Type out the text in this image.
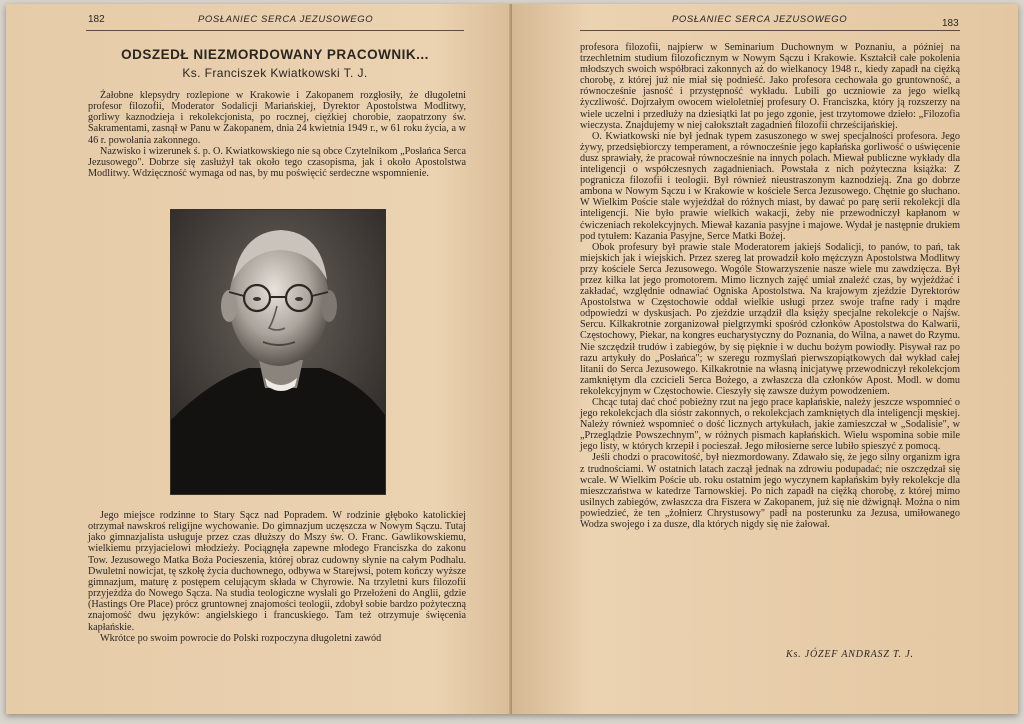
182	POSŁANIEC SERCA JEZUSOWEGO
ODSZEDŁ NIEZMORDOWANY PRACOWNIK...
Ks. Franciszek Kwiatkowski T. J.

Żałobne klepsydry rozlepione w Krakowie i Zakopanem rozgłosiły, że długoletni profesor filozofii, Moderator Sodalicji Mariańskiej, Dyrektor Apostolstwa Modlitwy, gorliwy kaznodzieja i rekolekcjonista, po rocznej, ciężkiej chorobie, zaopatrzony św. Sakramentami, zasnął w Panu w Zakopanem, dnia 24 kwietnia 1949 r., w 61 roku życia, a w 46 r. powołania zakonnego.

Nazwisko i wizerunek ś. p. O. Kwiatkowskiego nie są obce Czytelnikom „Posłańca Serca Jezusowego". Dobrze się zasłużył tak około tego czasopisma, jak i około Apostolstwa Modlitwy. Wdzięczność wymaga od nas, by mu poświęcić serdeczne wspomnienie.

Jego miejsce rodzinne to Stary Sącz nad Popradem. W rodzinie głęboko katolickiej otrzymał nawskroś religijne wychowanie. Do gimnazjum uczęszcza w Nowym Sączu. Tutaj jako gimnazjalista usługuje przez czas dłuższy do Mszy św. O. Franc. Gawlikowskiemu, wielkiemu przyjacielowi młodzieży. Pociągnęła zapewne młodego Franciszka do zakonu Tow. Jezusowego Matka Boża Pocieszenia, której obraz cudowny słynie na całym Podhalu. Dwuletni nowicjat, tę szkołę życia duchownego, odbywa w Starejwsi, potem kończy wyższe gimnazjum, maturę z postępem celującym składa w Chyrowie. Na trzyletni kurs filozofii przyjeżdża do Nowego Sącza. Na studia teologiczne wysłali go Przełożeni do Anglii, gdzie (Hastings Ore Place) prócz gruntownej znajomości teologii, zdobył sobie bardzo pożyteczną znajomość dwu języków: angielskiego i francuskiego. Tam też otrzymuje święcenia kapłańskie.

Wkrótce po swoim powrocie do Polski rozpoczyna długoletni zawód

POSŁANIEC SERCA JEZUSOWEGO	183

profesora filozofii, najpierw w Seminarium Duchownym w Poznaniu, a później na trzechletnim studium filozoficznym w Nowym Sączu i Krakowie. Kształcił całe pokolenia młodszych swoich współbraci zakonnych aż do wielkanocy 1948 r., kiedy zapadł na ciężką chorobę, z której już nie miał się podnieść. Jako profesora cechowała go gruntowność, a równocześnie jasność i przystępność wykładu. Lubili go uczniowie za jego wielką życzliwość. Dojrzałym owocem wieloletniej profesury O. Franciszka, który ją rozszerzy na wiele uczelni i przedłuży na dziesiątki lat po jego zgonie, jest trzytomowe dzieło: „Filozofia wieczysta. Znajdujemy w niej całokształt zagadnień filozofii chrześcijańskiej.

O. Kwiatkowski nie był jednak typem zasuszonego w swej specjalności profesora. Jego żywy, przedsiębiorczy temperament, a równocześnie jego kapłańska gorliwość o uświęcenie dusz sprawiały, że pracował równocześnie na innych polach. Miewał publiczne wykłady dla inteligencji o współczesnych zagadnieniach. Powstała z nich pożyteczna książka: Z pogranicza filozofii i teologii. Był również nieustraszonym kaznodzieją. Zna go dobrze ambona w Nowym Sączu i w Krakowie w kościele Serca Jezusowego. Chętnie go słuchano. W Wielkim Poście stale wyjeżdżał do różnych miast, by dawać po parę serii rekolekcji dla inteligencji. Nie było prawie wielkich wakacji, żeby nie przewodniczył kapłanom w ćwiczeniach rekolekcyjnych. Miewał kazania pasyjne i majowe. Wydał je następnie drukiem pod tytułem: Kazania Pasyjne, Serce Matki Bożej.

Obok profesury był prawie stale Moderatorem jakiejś Sodalicji, to panów, to pań, tak miejskich jak i wiejskich. Przez szereg lat prowadził koło mężczyzn Apostolstwa Modlitwy przy kościele Serca Jezusowego. Wogóle Stowarzyszenie nasze wiele mu zawdzięcza. Był przez kilka lat jego promotorem. Mimo licznych zajęć umiał znaleźć czas, by wyjeżdżać i zakładać, względnie odnawiać Ogniska Apostolstwa. Na krajowym zjeździe Dyrektorów Apostolstwa w Częstochowie oddał wielkie usługi przez swoje trafne rady i mądre odpowiedzi w dyskusjach. Po zjeździe urządził dla księży specjalne rekolekcje o Najśw. Sercu. Kilkakrotnie zorganizował pielgrzymki spośród członków Apostolstwa do Kalwarii, Częstochowy, Piekar, na kongres eucharystyczny do Poznania, do Wilna, a nawet do Rzymu. Nie szczędził trudów i zabiegów, by się pięknie i w duchu bożym powiodły. Pisywał raz po razu artykuły do „Posłańca"; w szeregu rozmyślań pierwszopiątkowych dał wykład całej litanii do Serca Jezusowego. Kilkakrotnie na własną inicjatywę przewodniczył rekolekcjom zamkniętym dla czcicieli Serca Bożego, a zwłaszcza dla członków Apost. Modl. w domu rekolekcyjnym w Częstochowie. Cieszyły się zawsze dużym powodzeniem.

Chcąc tutaj dać choć pobieżny rzut na jego prace kapłańskie, należy jeszcze wspomnieć o jego rekolekcjach dla sióstr zakonnych, o rekolekcjach zamkniętych dla inteligencji męskiej. Należy również wspomnieć o dość licznych artykułach, jakie zamieszczał w „Sodalisie", w „Przeglądzie Powszechnym", w różnych pismach kapłańskich. Wielu wspomina sobie mile jego listy, w których krzepił i pocieszał. Jego miłosierne serce lubiło spieszyć z pomocą.

Jeśli chodzi o pracowitość, był niezmordowany. Zdawało się, że jego silny organizm igra z trudnościami. W ostatnich latach zaczął jednak na zdrowiu podupadać; nie oszczędzał się wcale. W Wielkim Poście ub. roku ostatnim jego wyczynem kapłańskim były rekolekcje dla mieszczaństwa w katedrze Tarnowskiej. Po nich zapadł na ciężką chorobę, z której mimo usilnych zabiegów, zwłaszcza dra Fiszera w Zakopanem, już się nie dźwignął. Można o nim powiedzieć, że ten „żołnierz Chrystusowy" padł na posterunku za Jezusa, umiłowanego Wodza swojego i za dusze, dla których nigdy się nie żałował.

Ks. JÓZEF ANDRASZ T. J.
